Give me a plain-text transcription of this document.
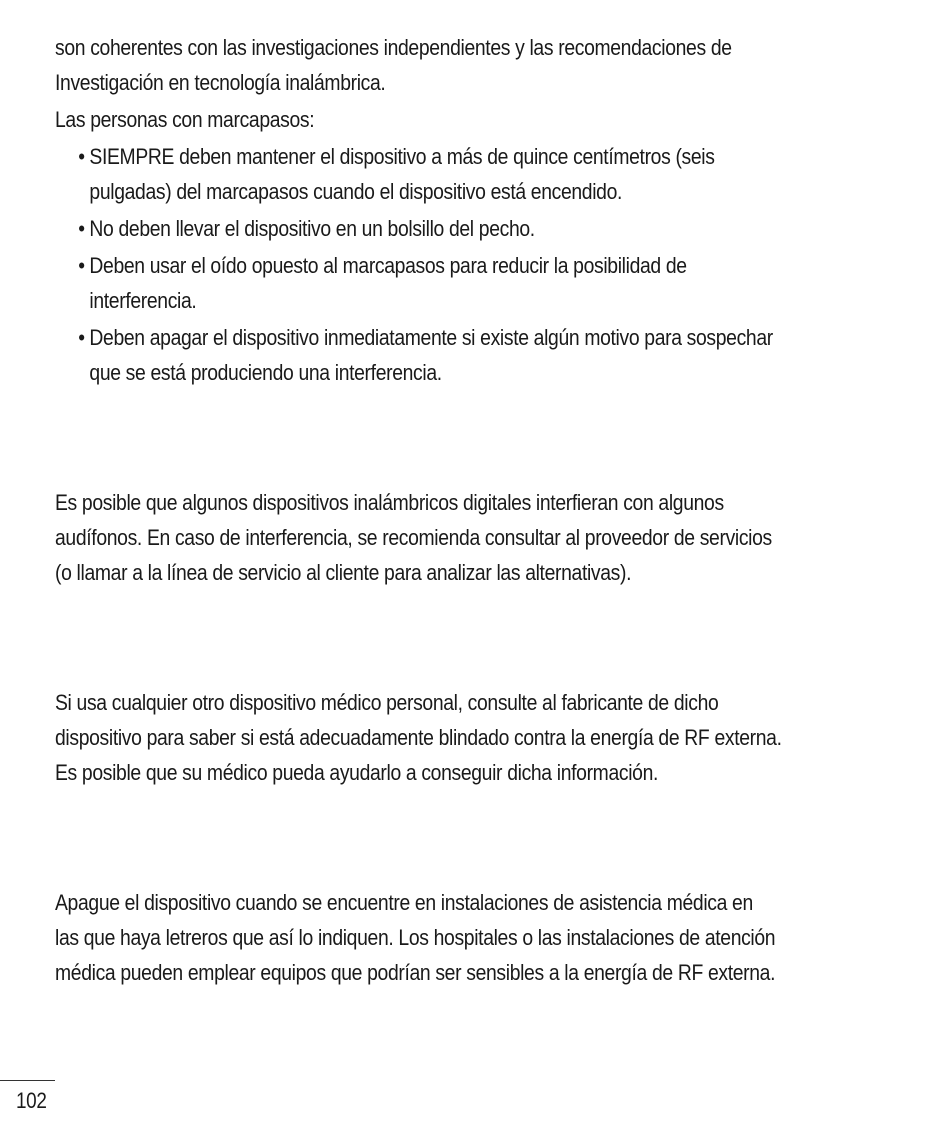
son coherentes con las investigaciones independientes y las recomendaciones de
Investigación en tecnología inalámbrica.

Las personas con marcapasos:

• SIEMPRE deben mantener el dispositivo a más de quince centímetros (seis
pulgadas) del marcapasos cuando el dispositivo está encendido.
• No deben llevar el dispositivo en un bolsillo del pecho.
• Deben usar el oído opuesto al marcapasos para reducir la posibilidad de
interferencia.
• Deben apagar el dispositivo inmediatamente si existe algún motivo para sospechar
que se está produciendo una interferencia.

Es posible que algunos dispositivos inalámbricos digitales interfieran con algunos
audífonos. En caso de interferencia, se recomienda consultar al proveedor de servicios
(o llamar a la línea de servicio al cliente para analizar las alternativas).

Si usa cualquier otro dispositivo médico personal, consulte al fabricante de dicho
dispositivo para saber si está adecuadamente blindado contra la energía de RF externa.
Es posible que su médico pueda ayudarlo a conseguir dicha información.

Apague el dispositivo cuando se encuentre en instalaciones de asistencia médica en
las que haya letreros que así lo indiquen. Los hospitales o las instalaciones de atención
médica pueden emplear equipos que podrían ser sensibles a la energía de RF externa.

102
